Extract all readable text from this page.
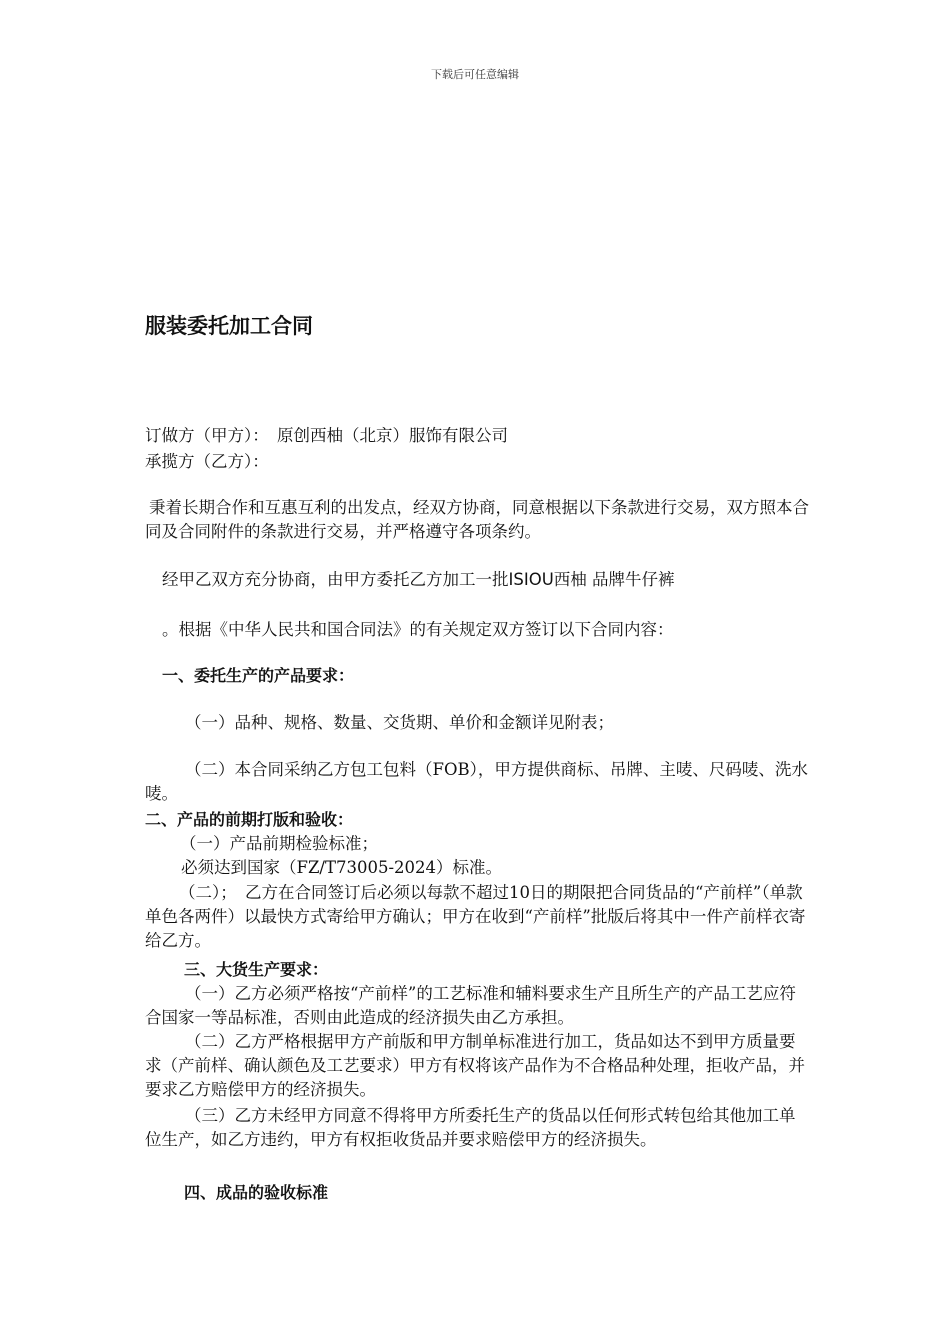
下载后可任意编辑
服装委托加工合同
订做方（甲方）：　原创西柚（北京）服饰有限公司
承揽方（乙方）：
秉着长期合作和互惠互利的出发点，经双方协商，同意根据以下条款进行交易，双方照本合同及合同附件的条款进行交易，并严格遵守各项条约。
经甲乙双方充分协商，由甲方委托乙方加工一批ISIOU西柚 品牌牛仔裤
。根据《中华人民共和国合同法》的有关规定双方签订以下合同内容：
一、委托生产的产品要求：
（一）品种、规格、数量、交货期、单价和金额详见附表；
（二）本合同采纳乙方包工包料（FOB），甲方提供商标、吊牌、主唛、尺码唛、洗水唛。
二、产品的前期打版和验收：
（一）产品前期检验标准；
必须达到国家（FZ/T73005-2024）标准。
（二）；　乙方在合同签订后必须以每款不超过10日的期限把合同货品的“产前样”（单款单色各两件）以最快方式寄给甲方确认；甲方在收到“产前样”批版后将其中一件产前样衣寄给乙方。
三、大货生产要求：
（一）乙方必须严格按“产前样”的工艺标准和辅料要求生产且所生产的产品工艺应符合国家一等品标准，否则由此造成的经济损失由乙方承担。
（二）乙方严格根据甲方产前版和甲方制单标准进行加工，货品如达不到甲方质量要求（产前样、确认颜色及工艺要求）甲方有权将该产品作为不合格品种处理，拒收产品，并要求乙方赔偿甲方的经济损失。
（三）乙方未经甲方同意不得将甲方所委托生产的货品以任何形式转包给其他加工单位生产，如乙方违约，甲方有权拒收货品并要求赔偿甲方的经济损失。
四、成品的验收标准
